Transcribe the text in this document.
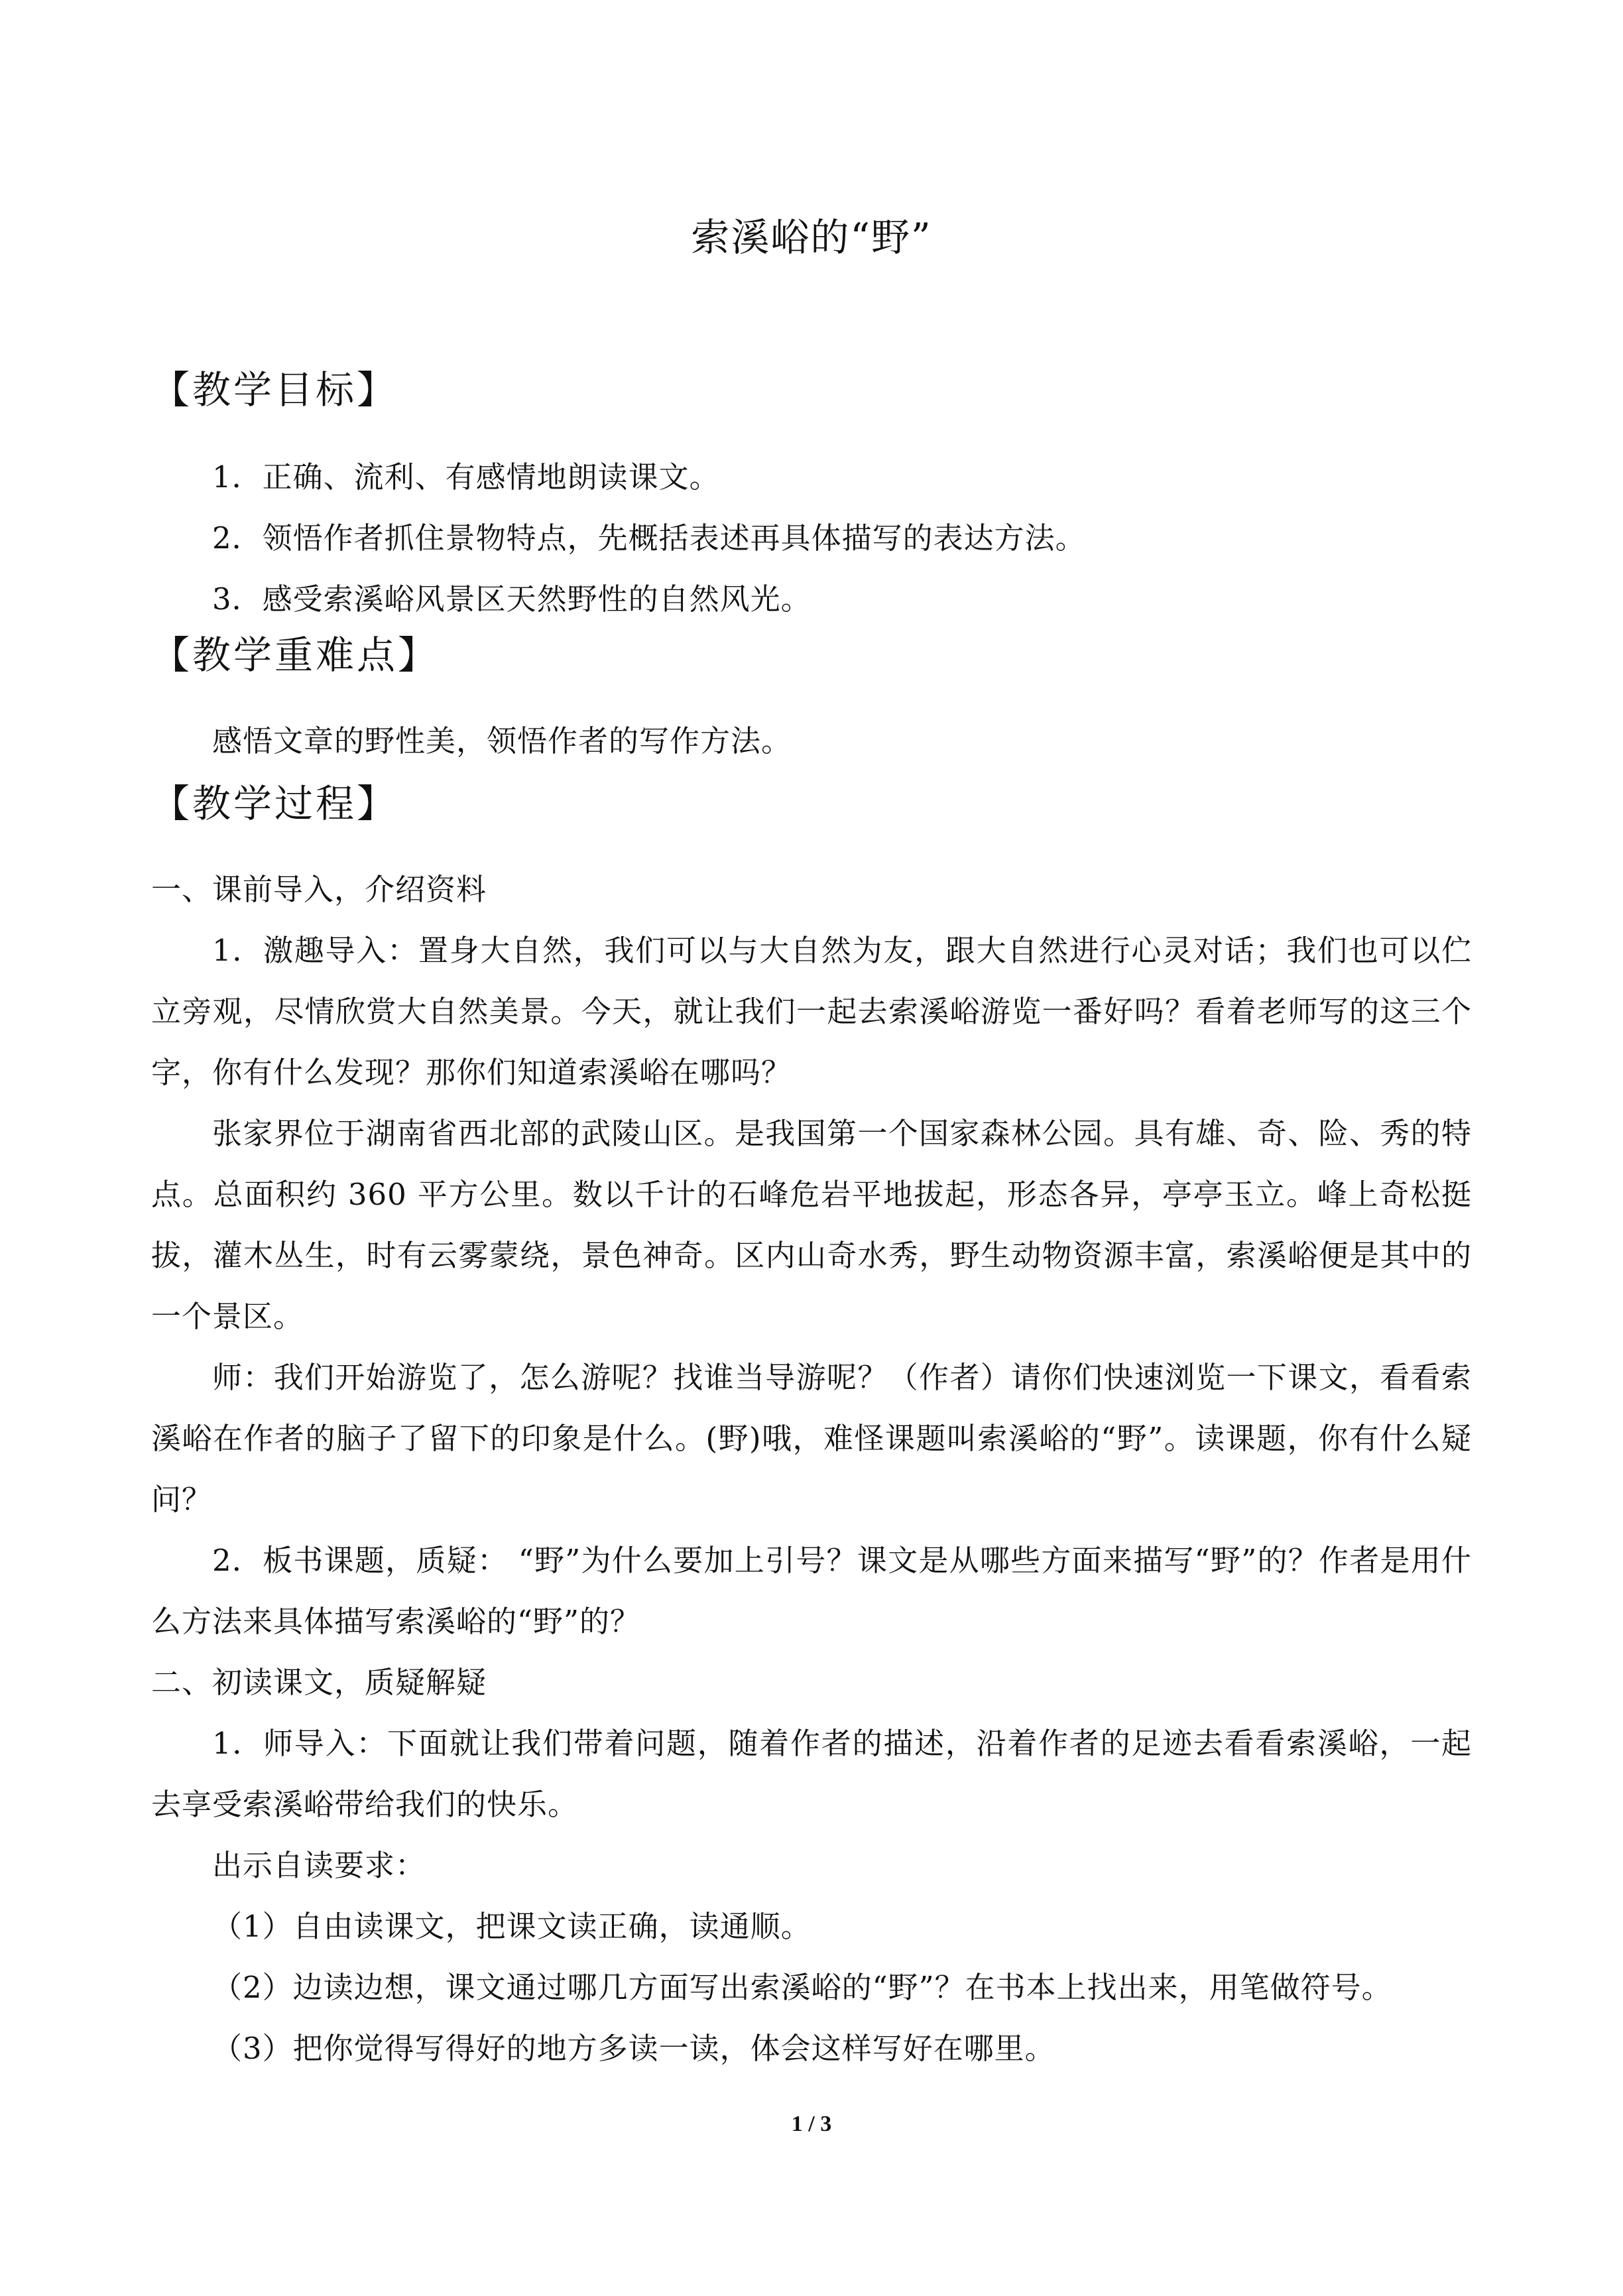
索溪峪的“野”
【教学目标】
1．正确、流利、有感情地朗读课文。
2．领悟作者抓住景物特点，先概括表述再具体描写的表达方法。
3．感受索溪峪风景区天然野性的自然风光。
【教学重难点】
感悟文章的野性美，领悟作者的写作方法。
【教学过程】
一、课前导入，介绍资料
1．激趣导入：置身大自然，我们可以与大自然为友，跟大自然进行心灵对话；我们也可以伫立旁观，尽情欣赏大自然美景。今天，就让我们一起去索溪峪游览一番好吗？看着老师写的这三个字，你有什么发现？那你们知道索溪峪在哪吗？
张家界位于湖南省西北部的武陵山区。是我国第一个国家森林公园。具有雄、奇、险、秀的特点。总面积约 360 平方公里。数以千计的石峰危岩平地拔起，形态各异，亭亭玉立。峰上奇松挺拔，灌木丛生，时有云雾蒙绕，景色神奇。区内山奇水秀，野生动物资源丰富，索溪峪便是其中的一个景区。
师：我们开始游览了，怎么游呢？找谁当导游呢？（作者）请你们快速浏览一下课文，看看索溪峪在作者的脑子了留下的印象是什么。(野)哦，难怪课题叫索溪峪的“野”。读课题，你有什么疑问？
2．板书课题，质疑： “野”为什么要加上引号？课文是从哪些方面来描写“野”的？作者是用什么方法来具体描写索溪峪的“野”的？
二、初读课文，质疑解疑
1．师导入：下面就让我们带着问题，随着作者的描述，沿着作者的足迹去看看索溪峪，一起去享受索溪峪带给我们的快乐。
出示自读要求：
（1）自由读课文，把课文读正确，读通顺。
（2）边读边想，课文通过哪几方面写出索溪峪的“野”？在书本上找出来，用笔做符号。
（3）把你觉得写得好的地方多读一读，体会这样写好在哪里。
1 / 3
